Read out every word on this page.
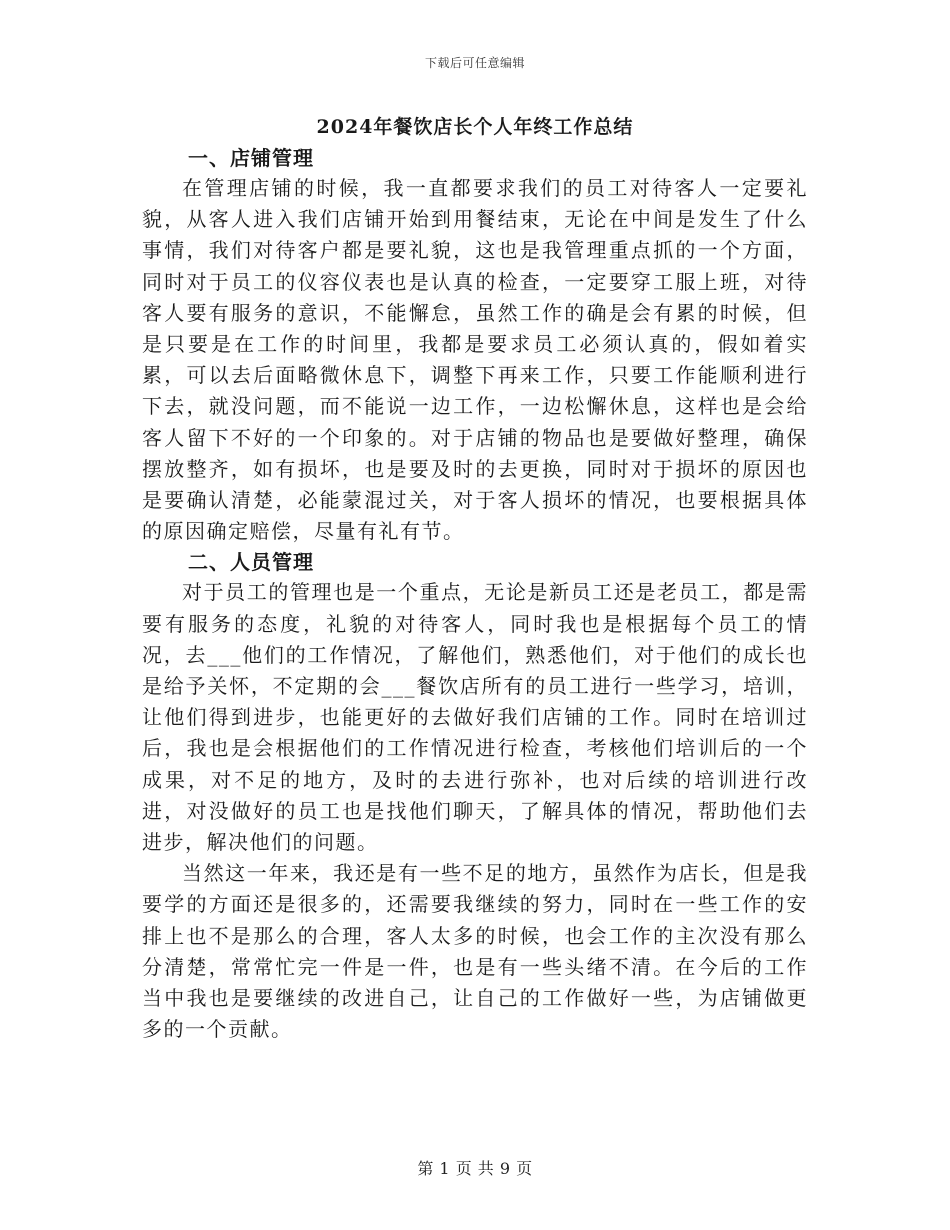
下载后可任意编辑
2024年餐饮店长个人年终工作总结
一、店铺管理

在管理店铺的时候，我一直都要求我们的员工对待客人一定要礼貌，从客人进入我们店铺开始到用餐结束，无论在中间是发生了什么事情，我们对待客户都是要礼貌，这也是我管理重点抓的一个方面，同时对于员工的仪容仪表也是认真的检查，一定要穿工服上班，对待客人要有服务的意识，不能懈怠，虽然工作的确是会有累的时候，但是只要是在工作的时间里，我都是要求员工必须认真的，假如着实累，可以去后面略微休息下，调整下再来工作，只要工作能顺利进行下去，就没问题，而不能说一边工作，一边松懈休息，这样也是会给客人留下不好的一个印象的。对于店铺的物品也是要做好整理，确保摆放整齐，如有损坏，也是要及时的去更换，同时对于损坏的原因也是要确认清楚，必能蒙混过关，对于客人损坏的情况，也要根据具体的原因确定赔偿，尽量有礼有节。

二、人员管理

对于员工的管理也是一个重点，无论是新员工还是老员工，都是需要有服务的态度，礼貌的对待客人，同时我也是根据每个员工的情况，去___他们的工作情况，了解他们，熟悉他们，对于他们的成长也是给予关怀，不定期的会___餐饮店所有的员工进行一些学习，培训，让他们得到进步，也能更好的去做好我们店铺的工作。同时在培训过后，我也是会根据他们的工作情况进行检查，考核他们培训后的一个成果，对不足的地方，及时的去进行弥补，也对后续的培训进行改进，对没做好的员工也是找他们聊天，了解具体的情况，帮助他们去进步，解决他们的问题。

当然这一年来，我还是有一些不足的地方，虽然作为店长，但是我要学的方面还是很多的，还需要我继续的努力，同时在一些工作的安排上也不是那么的合理，客人太多的时候，也会工作的主次没有那么分清楚，常常忙完一件是一件，也是有一些头绪不清。在今后的工作当中我也是要继续的改进自己，让自己的工作做好一些，为店铺做更多的一个贡献。

第 1 页 共 9 页
